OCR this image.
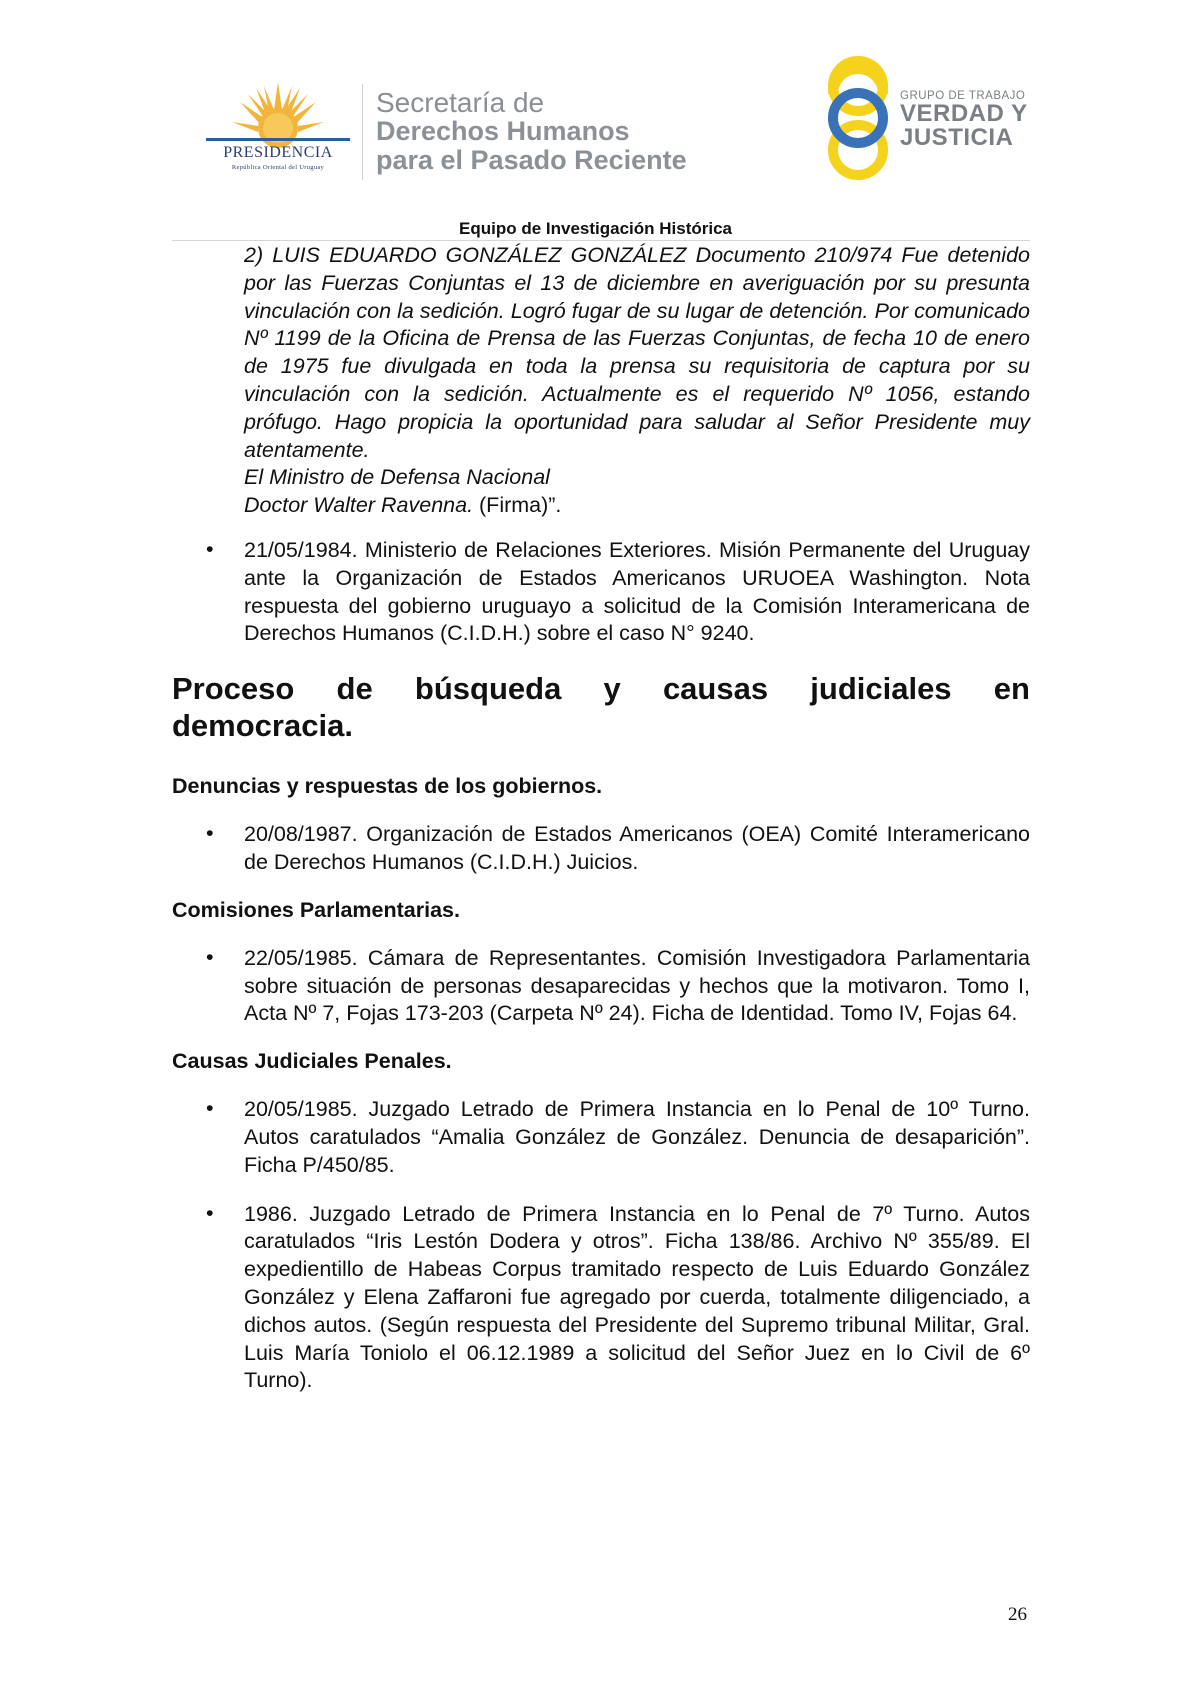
PRESIDENCIA
República Oriental del Uruguay
Secretaría de
Derechos Humanos
para el Pasado Reciente
GRUPO DE TRABAJO
VERDAD Y
JUSTICIA
Equipo de Investigación Histórica

2) LUIS EDUARDO GONZÁLEZ GONZÁLEZ Documento 210/974 Fue detenido por las Fuerzas Conjuntas el 13 de diciembre en averiguación por su presunta vinculación con la sedición. Logró fugar de su lugar de detención. Por comunicado Nº 1199 de la Oficina de Prensa de las Fuerzas Conjuntas, de fecha 10 de enero de 1975 fue divulgada en toda la prensa su requisitoria de captura por su vinculación con la sedición. Actualmente es el requerido Nº 1056, estando prófugo. Hago propicia la oportunidad para saludar al Señor Presidente muy atentamente.

El Ministro de Defensa Nacional

Doctor Walter Ravenna. (Firma)”.

• 21/05/1984. Ministerio de Relaciones Exteriores. Misión Permanente del Uruguay ante la Organización de Estados Americanos URUOEA Washington. Nota respuesta del gobierno uruguayo a solicitud de la Comisión Interamericana de Derechos Humanos (C.I.D.H.) sobre el caso N° 9240.

Proceso de búsqueda y causas judiciales en
democracia.

Denuncias y respuestas de los gobiernos.

• 20/08/1987. Organización de Estados Americanos (OEA) Comité Interamericano de Derechos Humanos (C.I.D.H.) Juicios.

Comisiones Parlamentarias.

• 22/05/1985. Cámara de Representantes. Comisión Investigadora Parlamentaria sobre situación de personas desaparecidas y hechos que la motivaron. Tomo I, Acta Nº 7, Fojas 173-203 (Carpeta Nº 24). Ficha de Identidad. Tomo IV, Fojas 64.

Causas Judiciales Penales.

• 20/05/1985. Juzgado Letrado de Primera Instancia en lo Penal de 10º Turno. Autos caratulados “Amalia González de González. Denuncia de desaparición”. Ficha P/450/85.

• 1986. Juzgado Letrado de Primera Instancia en lo Penal de 7º Turno. Autos caratulados “Iris Lestón Dodera y otros”. Ficha 138/86. Archivo Nº 355/89. El expedientillo de Habeas Corpus tramitado respecto de Luis Eduardo González González y Elena Zaffaroni fue agregado por cuerda, totalmente diligenciado, a dichos autos. (Según respuesta del Presidente del Supremo tribunal Militar, Gral. Luis María Toniolo el 06.12.1989 a solicitud del Señor Juez en lo Civil de 6º Turno).

26
